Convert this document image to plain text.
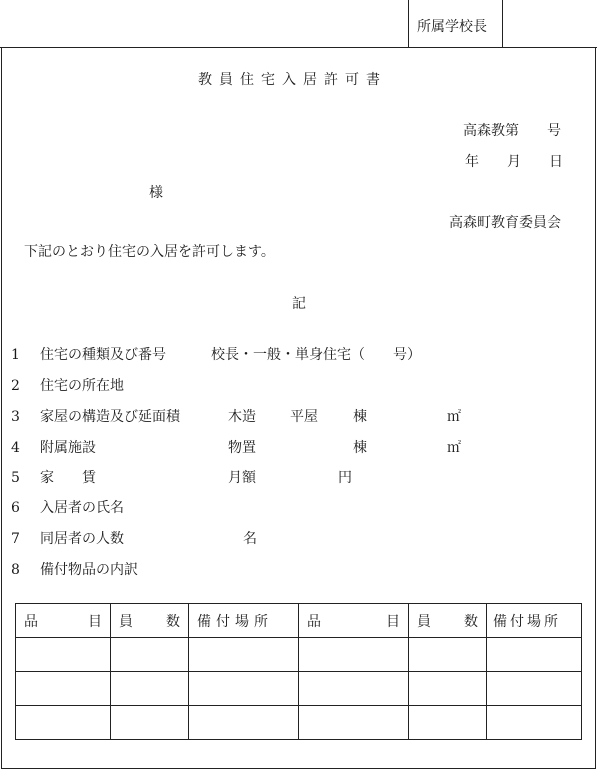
所属学校長
教員住宅入居許可書
高森教第　　号
年　　月　　日
様
高森町教育委員会
下記のとおり住宅の入居を許可します。
記
1 住宅の種類及び番号	校長・一般・単身住宅（　　号）
2 住宅の所在地
3 家屋の構造及び延面積	木造 平屋	棟	㎡
4 附属施設	物置	棟	㎡
5 家　　賃	月額	円
6 入居者の氏名
7 同居者の人数	名
8 備付物品の内訳
品 目	員 数	備付場所	品 目	員 数	備付場所
